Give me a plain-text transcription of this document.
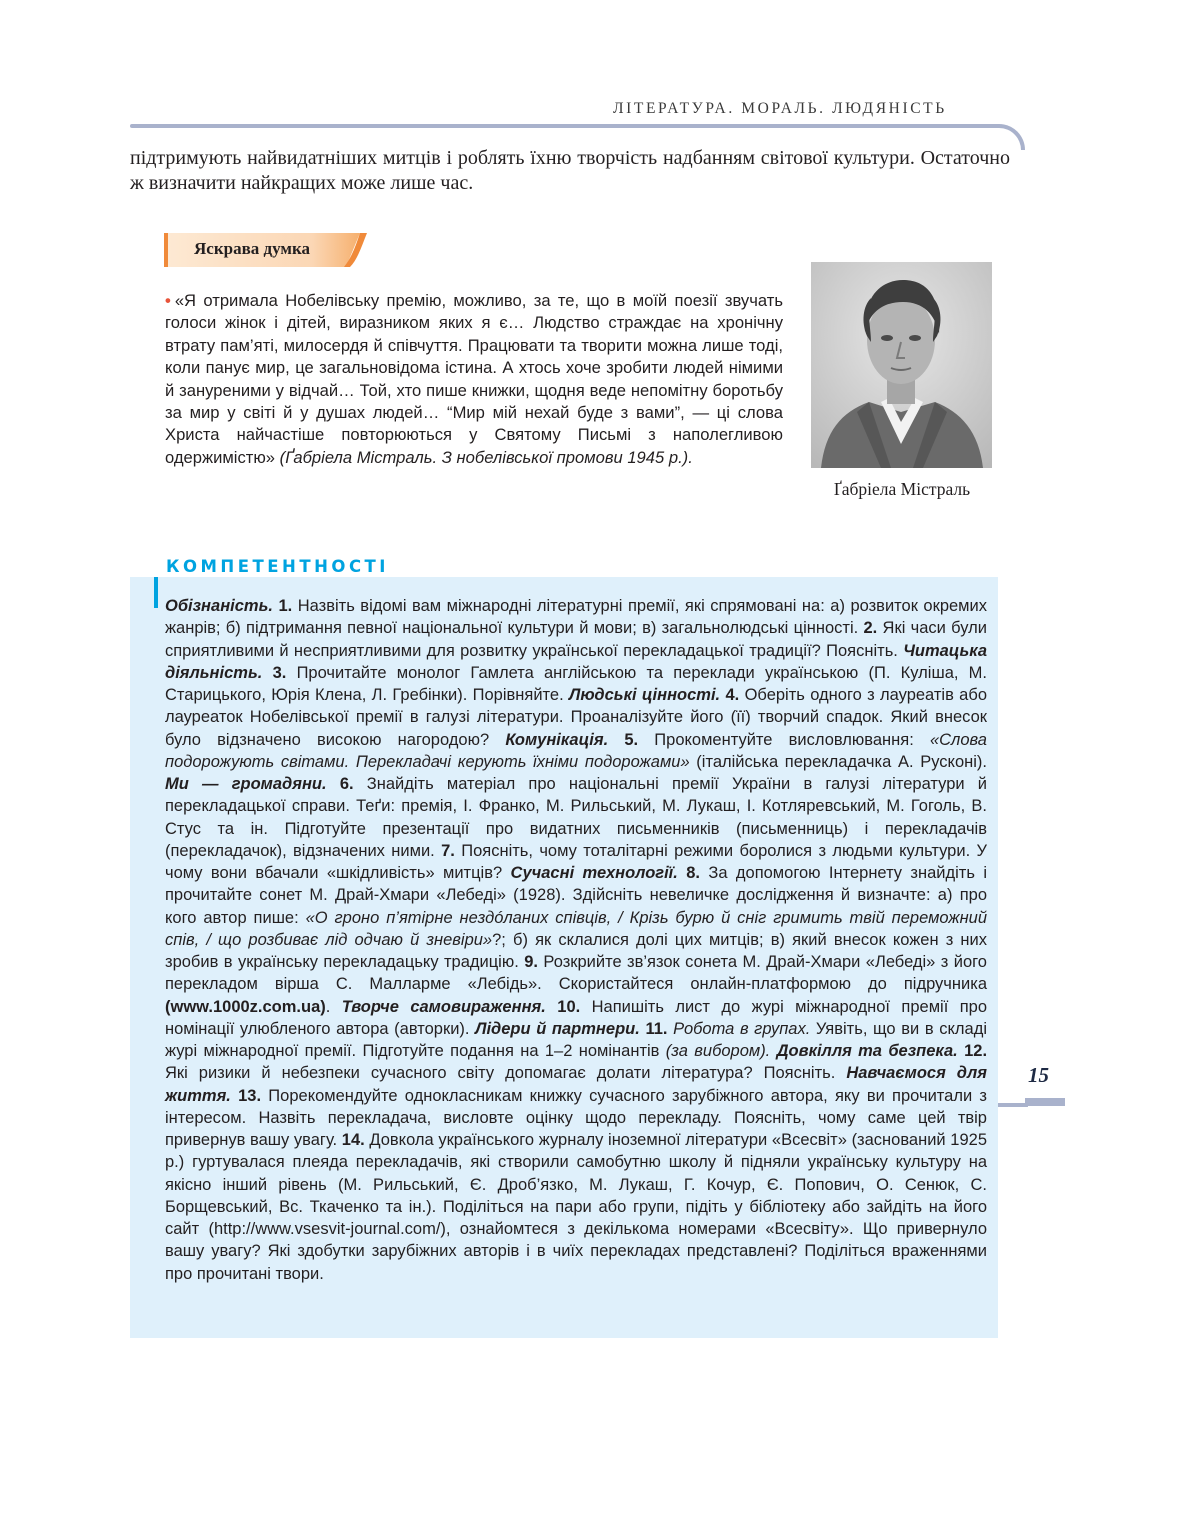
ЛІТЕРАТУРА. МОРАЛЬ. ЛЮДЯНІСТЬ

підтримують найвидатніших митців і роблять їхню творчість надбанням світової культури. Остаточно ж визначити найкращих може лише час.

Яскрава думка

• «Я отримала Нобелівську премію, можливо, за те, що в моїй поезії звучать голоси жінок і дітей, виразником яких я є… Людство страждає на хронічну втрату пам’яті, милосердя й співчуття. Працювати та творити можна лише тоді, коли панує мир, це загальновідома істина. А хтось хоче зробити людей німими й зануреними у відчай… Той, хто пише книжки, щодня веде непомітну боротьбу за мир у світі й у душах людей… “Мир мій нехай буде з вами”, — ці слова Христа найчастіше повторюються у Святому Письмі з наполегливою одержимістю» (Ґабріела Містраль. З нобелівської промови 1945 р.).

Ґабріела Містраль
КОМПЕТЕНТНОСТІ

Обізнаність. 1. Назвіть відомі вам міжнародні літературні премії, які спрямовані на: а) розвиток окремих жанрів; б) підтримання певної національної культури й мови; в) загальнолюдські цінності. 2. Які часи були сприятливими й несприятливими для розвитку української перекладацької традиції? Поясніть. Читацька діяльність. 3. Прочитайте монолог Гамлета англійською та переклади українською (П. Куліша, М. Старицького, Юрія Клена, Л. Гребінки). Порівняйте. Людські цінності. 4. Оберіть одного з лауреатів або лауреаток Нобелівської премії в галузі літератури. Проаналізуйте його (її) творчий спадок. Який внесок було відзначено високою нагородою? Комунікація. 5. Прокоментуйте висловлювання: «Слова подорожують світами. Перекладачі керують їхніми подорожами» (італійська перекладачка А. Русконі). Ми — громадяни. 6. Знайдіть матеріал про національні премії України в галузі літератури й перекладацької справи. Теґи: премія, І. Франко, М. Рильський, М. Лукаш, І. Котляревський, М. Гоголь, В. Стус та ін. Підготуйте презентації про видатних письменників (письменниць) і перекладачів (перекладачок), відзначених ними. 7. Поясніть, чому тоталітарні режими боролися з людьми культури. У чому вони вбачали «шкідливість» митців? Сучасні технології. 8. За допомогою Інтернету знайдіть і прочитайте сонет М. Драй-Хмари «Лебеді» (1928). Здійсніть невеличке дослідження й визначте: а) про кого автор пише: «О гроно п’ятірне нездóланих співців, / Крізь бурю й сніг гримить твій переможний спів, / що розбиває лід одчаю й зневіри»?; б) як склалися долі цих митців; в) який внесок кожен з них зробив в українську перекладацьку традицію. 9. Розкрийте зв’язок сонета М. Драй-Хмари «Лебеді» з його перекладом вірша С. Малларме «Лебідь». Скористайтеся онлайн-платформою до підручника (www.1000z.com.ua). Творче самовираження. 10. Напишіть лист до журі міжнародної премії про номінації улюбленого автора (авторки). Лідери й партнери. 11. Робота в групах. Уявіть, що ви в складі журі міжнародної премії. Підготуйте подання на 1–2 номінантів (за вибором). Довкілля та безпека. 12. Які ризики й небезпеки сучасного світу допомагає долати література? Поясніть. Навчаємося для життя. 13. Порекомендуйте однокласникам книжку сучасного зарубіжного автора, яку ви прочитали з інтересом. Назвіть перекладача, висловте оцінку щодо перекладу. Поясніть, чому саме цей твір привернув вашу увагу. 14. Довкола українського журналу іноземної літератури «Всесвіт» (заснований 1925 р.) гуртувалася плеяда перекладачів, які створили самобутню школу й підняли українську культуру на якісно інший рівень (М. Рильський, Є. Дроб’язко, М. Лукаш, Г. Кочур, Є. Попович, О. Сенюк, С. Борщевський, Вс. Ткаченко та ін.). Поділіться на пари або групи, підіть у бібліотеку або зайдіть на його сайт (http://www.vsesvit-journal.com/), ознайомтеся з декількома номерами «Всесвіту». Що привернуло вашу увагу? Які здобутки зарубіжних авторів і в чиїх перекладах представлені? Поділіться враженнями про прочитані твори.

15
